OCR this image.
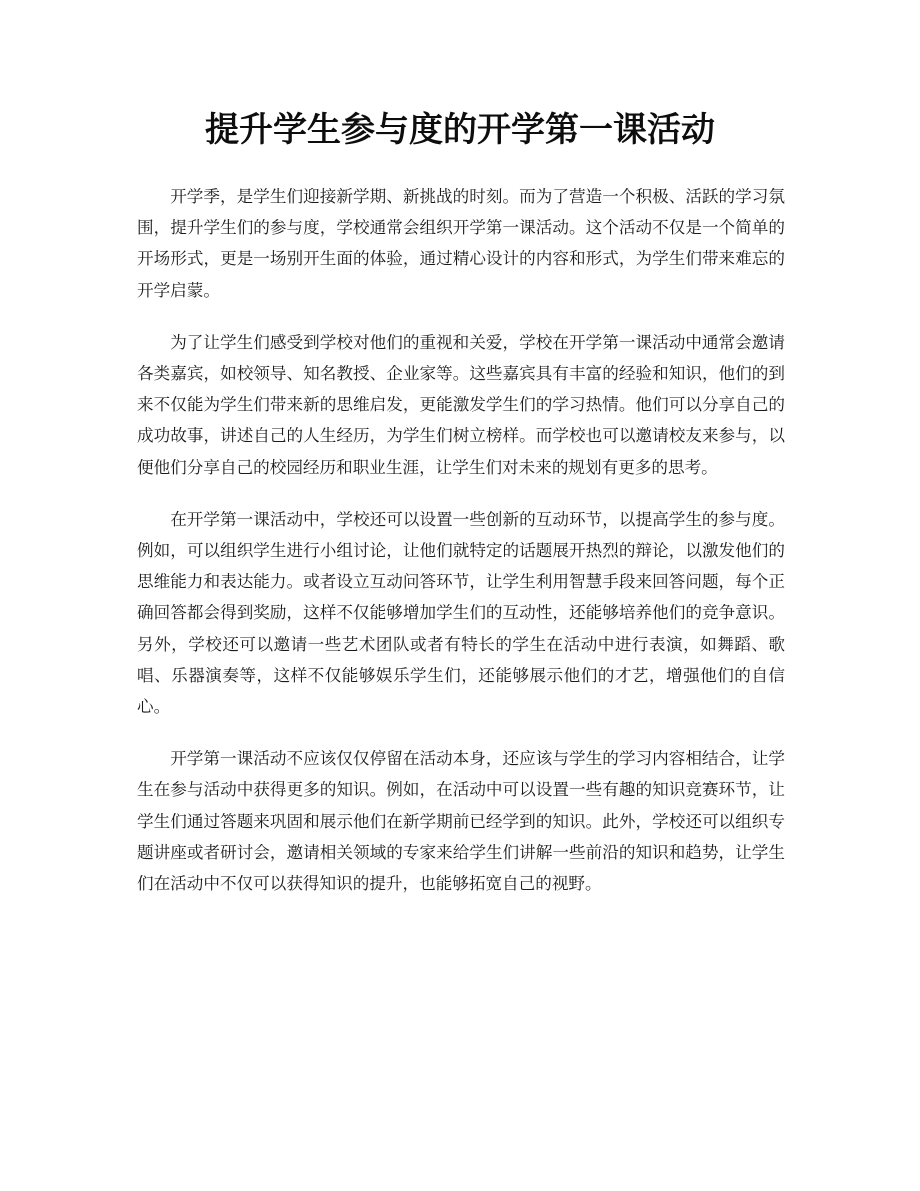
提升学生参与度的开学第一课活动

开学季，是学生们迎接新学期、新挑战的时刻。而为了营造一个积极、活跃的学习氛围，提升学生们的参与度，学校通常会组织开学第一课活动。这个活动不仅是一个简单的开场形式，更是一场别开生面的体验，通过精心设计的内容和形式，为学生们带来难忘的开学启蒙。

为了让学生们感受到学校对他们的重视和关爱，学校在开学第一课活动中通常会邀请各类嘉宾，如校领导、知名教授、企业家等。这些嘉宾具有丰富的经验和知识，他们的到来不仅能为学生们带来新的思维启发，更能激发学生们的学习热情。他们可以分享自己的成功故事，讲述自己的人生经历，为学生们树立榜样。而学校也可以邀请校友来参与，以便他们分享自己的校园经历和职业生涯，让学生们对未来的规划有更多的思考。

在开学第一课活动中，学校还可以设置一些创新的互动环节，以提高学生的参与度。例如，可以组织学生进行小组讨论，让他们就特定的话题展开热烈的辩论，以激发他们的思维能力和表达能力。或者设立互动问答环节，让学生利用智慧手段来回答问题，每个正确回答都会得到奖励，这样不仅能够增加学生们的互动性，还能够培养他们的竞争意识。另外，学校还可以邀请一些艺术团队或者有特长的学生在活动中进行表演，如舞蹈、歌唱、乐器演奏等，这样不仅能够娱乐学生们，还能够展示他们的才艺，增强他们的自信心。

开学第一课活动不应该仅仅停留在活动本身，还应该与学生的学习内容相结合，让学生在参与活动中获得更多的知识。例如，在活动中可以设置一些有趣的知识竞赛环节，让学生们通过答题来巩固和展示他们在新学期前已经学到的知识。此外，学校还可以组织专题讲座或者研讨会，邀请相关领域的专家来给学生们讲解一些前沿的知识和趋势，让学生们在活动中不仅可以获得知识的提升，也能够拓宽自己的视野。
